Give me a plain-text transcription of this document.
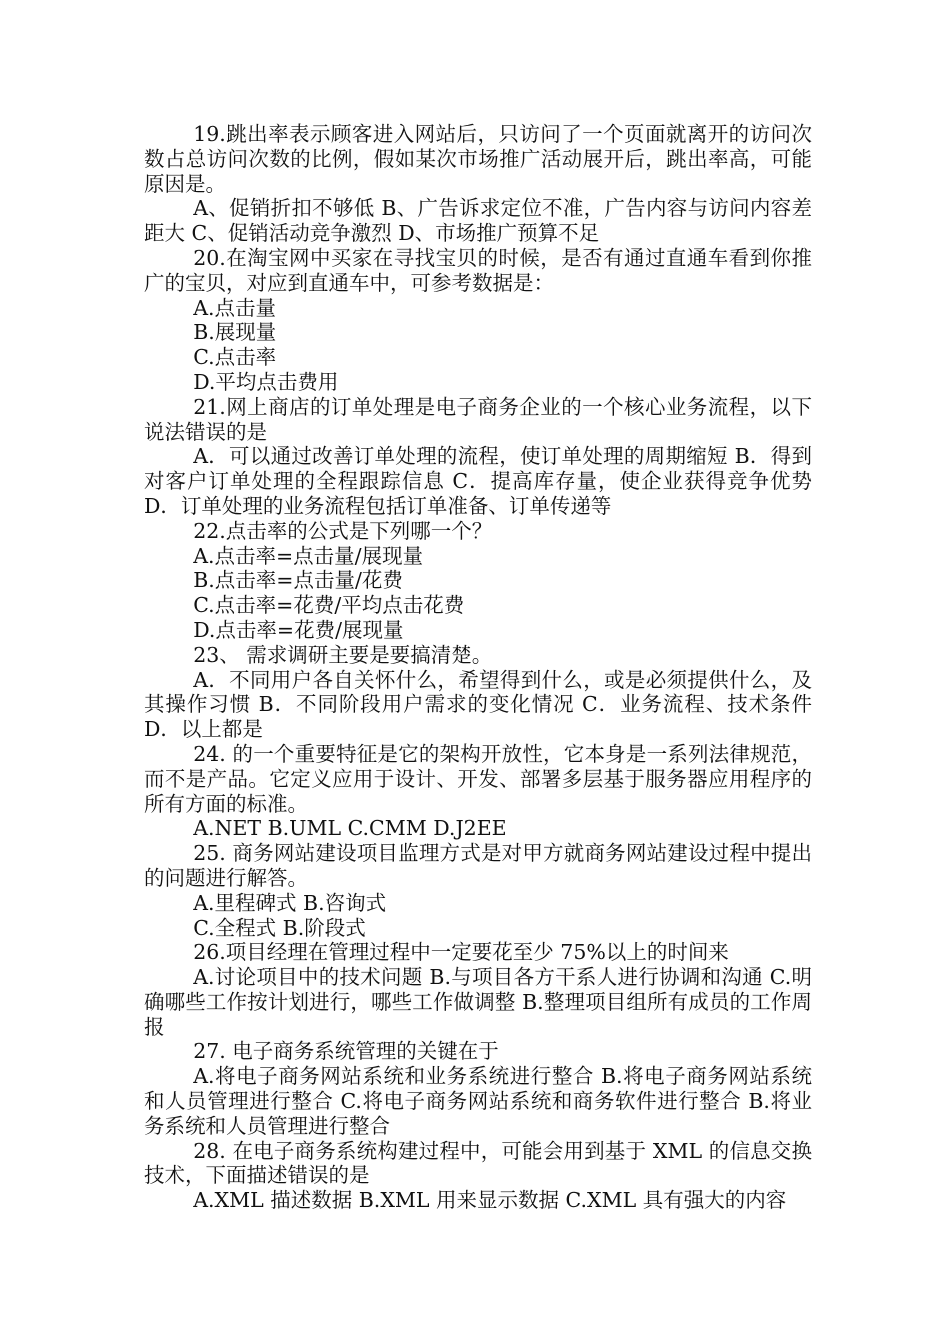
19.跳出率表示顾客进入网站后，只访问了一个页面就离开的访问次数占总访问次数的比例，假如某次市场推广活动展开后，跳出率高，可能原因是。

A、促销折扣不够低 B、广告诉求定位不准，广告内容与访问内容差距大 C、促销活动竞争激烈 D、市场推广预算不足

20.在淘宝网中买家在寻找宝贝的时候，是否有通过直通车看到你推广的宝贝，对应到直通车中，可参考数据是：

A.点击量

B.展现量

C.点击率

D.平均点击费用

21.网上商店的订单处理是电子商务企业的一个核心业务流程，以下说法错误的是

A．可以通过改善订单处理的流程，使订单处理的周期缩短 B．得到对客户订单处理的全程跟踪信息 C．提高库存量，使企业获得竞争优势 D．订单处理的业务流程包括订单准备、订单传递等

22.点击率的公式是下列哪一个？

A.点击率=点击量/展现量

B.点击率=点击量/花费

C.点击率=花费/平均点击花费

D.点击率=花费/展现量

23、 需求调研主要是要搞清楚。

A．不同用户各自关怀什么，希望得到什么，或是必须提供什么，及其操作习惯 B．不同阶段用户需求的变化情况 C．业务流程、技术条件 D．以上都是

24. 的一个重要特征是它的架构开放性，它本身是一系列法律规范，而不是产品。它定义应用于设计、开发、部署多层基于服务器应用程序的所有方面的标准。

A.NET B.UML C.CMM D.J2EE

25. 商务网站建设项目监理方式是对甲方就商务网站建设过程中提出的问题进行解答。

A.里程碑式 B.咨询式

C.全程式 B.阶段式

26.项目经理在管理过程中一定要花至少 75%以上的时间来

A.讨论项目中的技术问题 B.与项目各方干系人进行协调和沟通 C.明确哪些工作按计划进行，哪些工作做调整 B.整理项目组所有成员的工作周报

27. 电子商务系统管理的关键在于

A.将电子商务网站系统和业务系统进行整合 B.将电子商务网站系统和人员管理进行整合 C.将电子商务网站系统和商务软件进行整合 B.将业务系统和人员管理进行整合

28. 在电子商务系统构建过程中，可能会用到基于 XML 的信息交换技术，下面描述错误的是

A.XML 描述数据 B.XML 用来显示数据 C.XML 具有强大的内容
